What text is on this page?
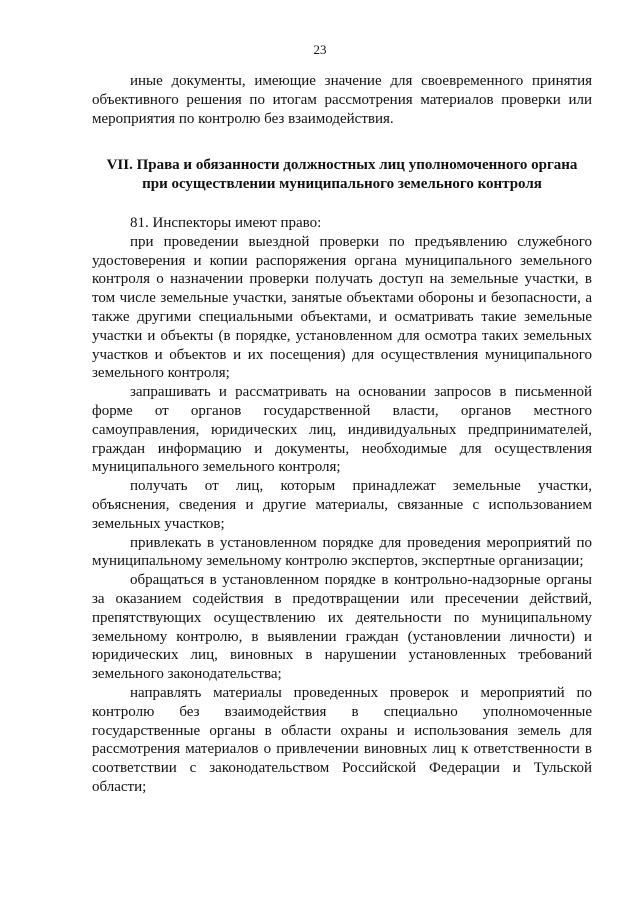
23

иные документы, имеющие значение для своевременного принятия объективного решения по итогам рассмотрения материалов проверки или мероприятия по контролю без взаимодействия.

VII. Права и обязанности должностных лиц уполномоченного органа
при осуществлении муниципального земельного контроля

81. Инспекторы имеют право:

при проведении выездной проверки по предъявлению служебного удостоверения и копии распоряжения органа муниципального земельного контроля о назначении проверки получать доступ на земельные участки, в том числе земельные участки, занятые объектами обороны и безопасности, а также другими специальными объектами, и осматривать такие земельные участки и объекты (в порядке, установленном для осмотра таких земельных участков и объектов и их посещения) для осуществления муниципального земельного контроля;

запрашивать и рассматривать на основании запросов в письменной форме от органов государственной власти, органов местного самоуправления, юридических лиц, индивидуальных предпринимателей, граждан информацию и документы, необходимые для осуществления муниципального земельного контроля;

получать от лиц, которым принадлежат земельные участки, объяснения, сведения и другие материалы, связанные с использованием земельных участков;

привлекать в установленном порядке для проведения мероприятий по муниципальному земельному контролю экспертов, экспертные организации;

обращаться в установленном порядке в контрольно-надзорные органы за оказанием содействия в предотвращении или пресечении действий, препятствующих осуществлению их деятельности по муниципальному земельному контролю, в выявлении граждан (установлении личности) и юридических лиц, виновных в нарушении установленных требований земельного законодательства;

направлять материалы проведенных проверок и мероприятий по контролю без взаимодействия в специально уполномоченные государственные органы в области охраны и использования земель для рассмотрения материалов о привлечении виновных лиц к ответственности в соответствии с законодательством Российской Федерации и Тульской области;
